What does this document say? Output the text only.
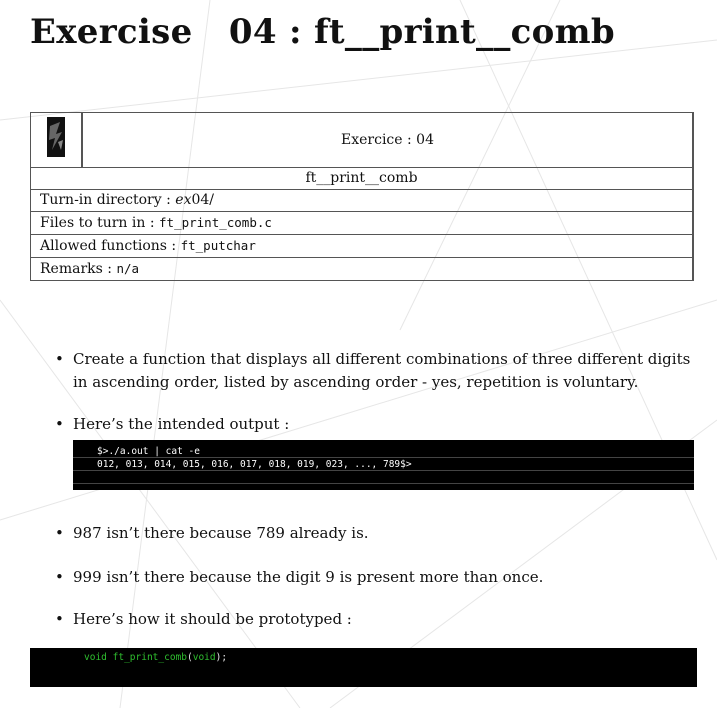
Exercise   04 : ft__print__comb
	Exercice : 04
ft__print__comb
Turn-in directory : ex04/
Files to turn in : ft_print_comb.c
Allowed functions : ft_putchar
Remarks : n/a
• Create a function that displays all different combinations of three different digits in ascending order, listed by ascending order - yes, repetition is voluntary.
• Here’s the intended output :
$>./a.out | cat -e
012, 013, 014, 015, 016, 017, 018, 019, 023, ..., 789$>
• 987 isn’t there because 789 already is.
• 999 isn’t there because the digit 9 is present more than once.
• Here’s how it should be prototyped :
void ft_print_comb(void);
